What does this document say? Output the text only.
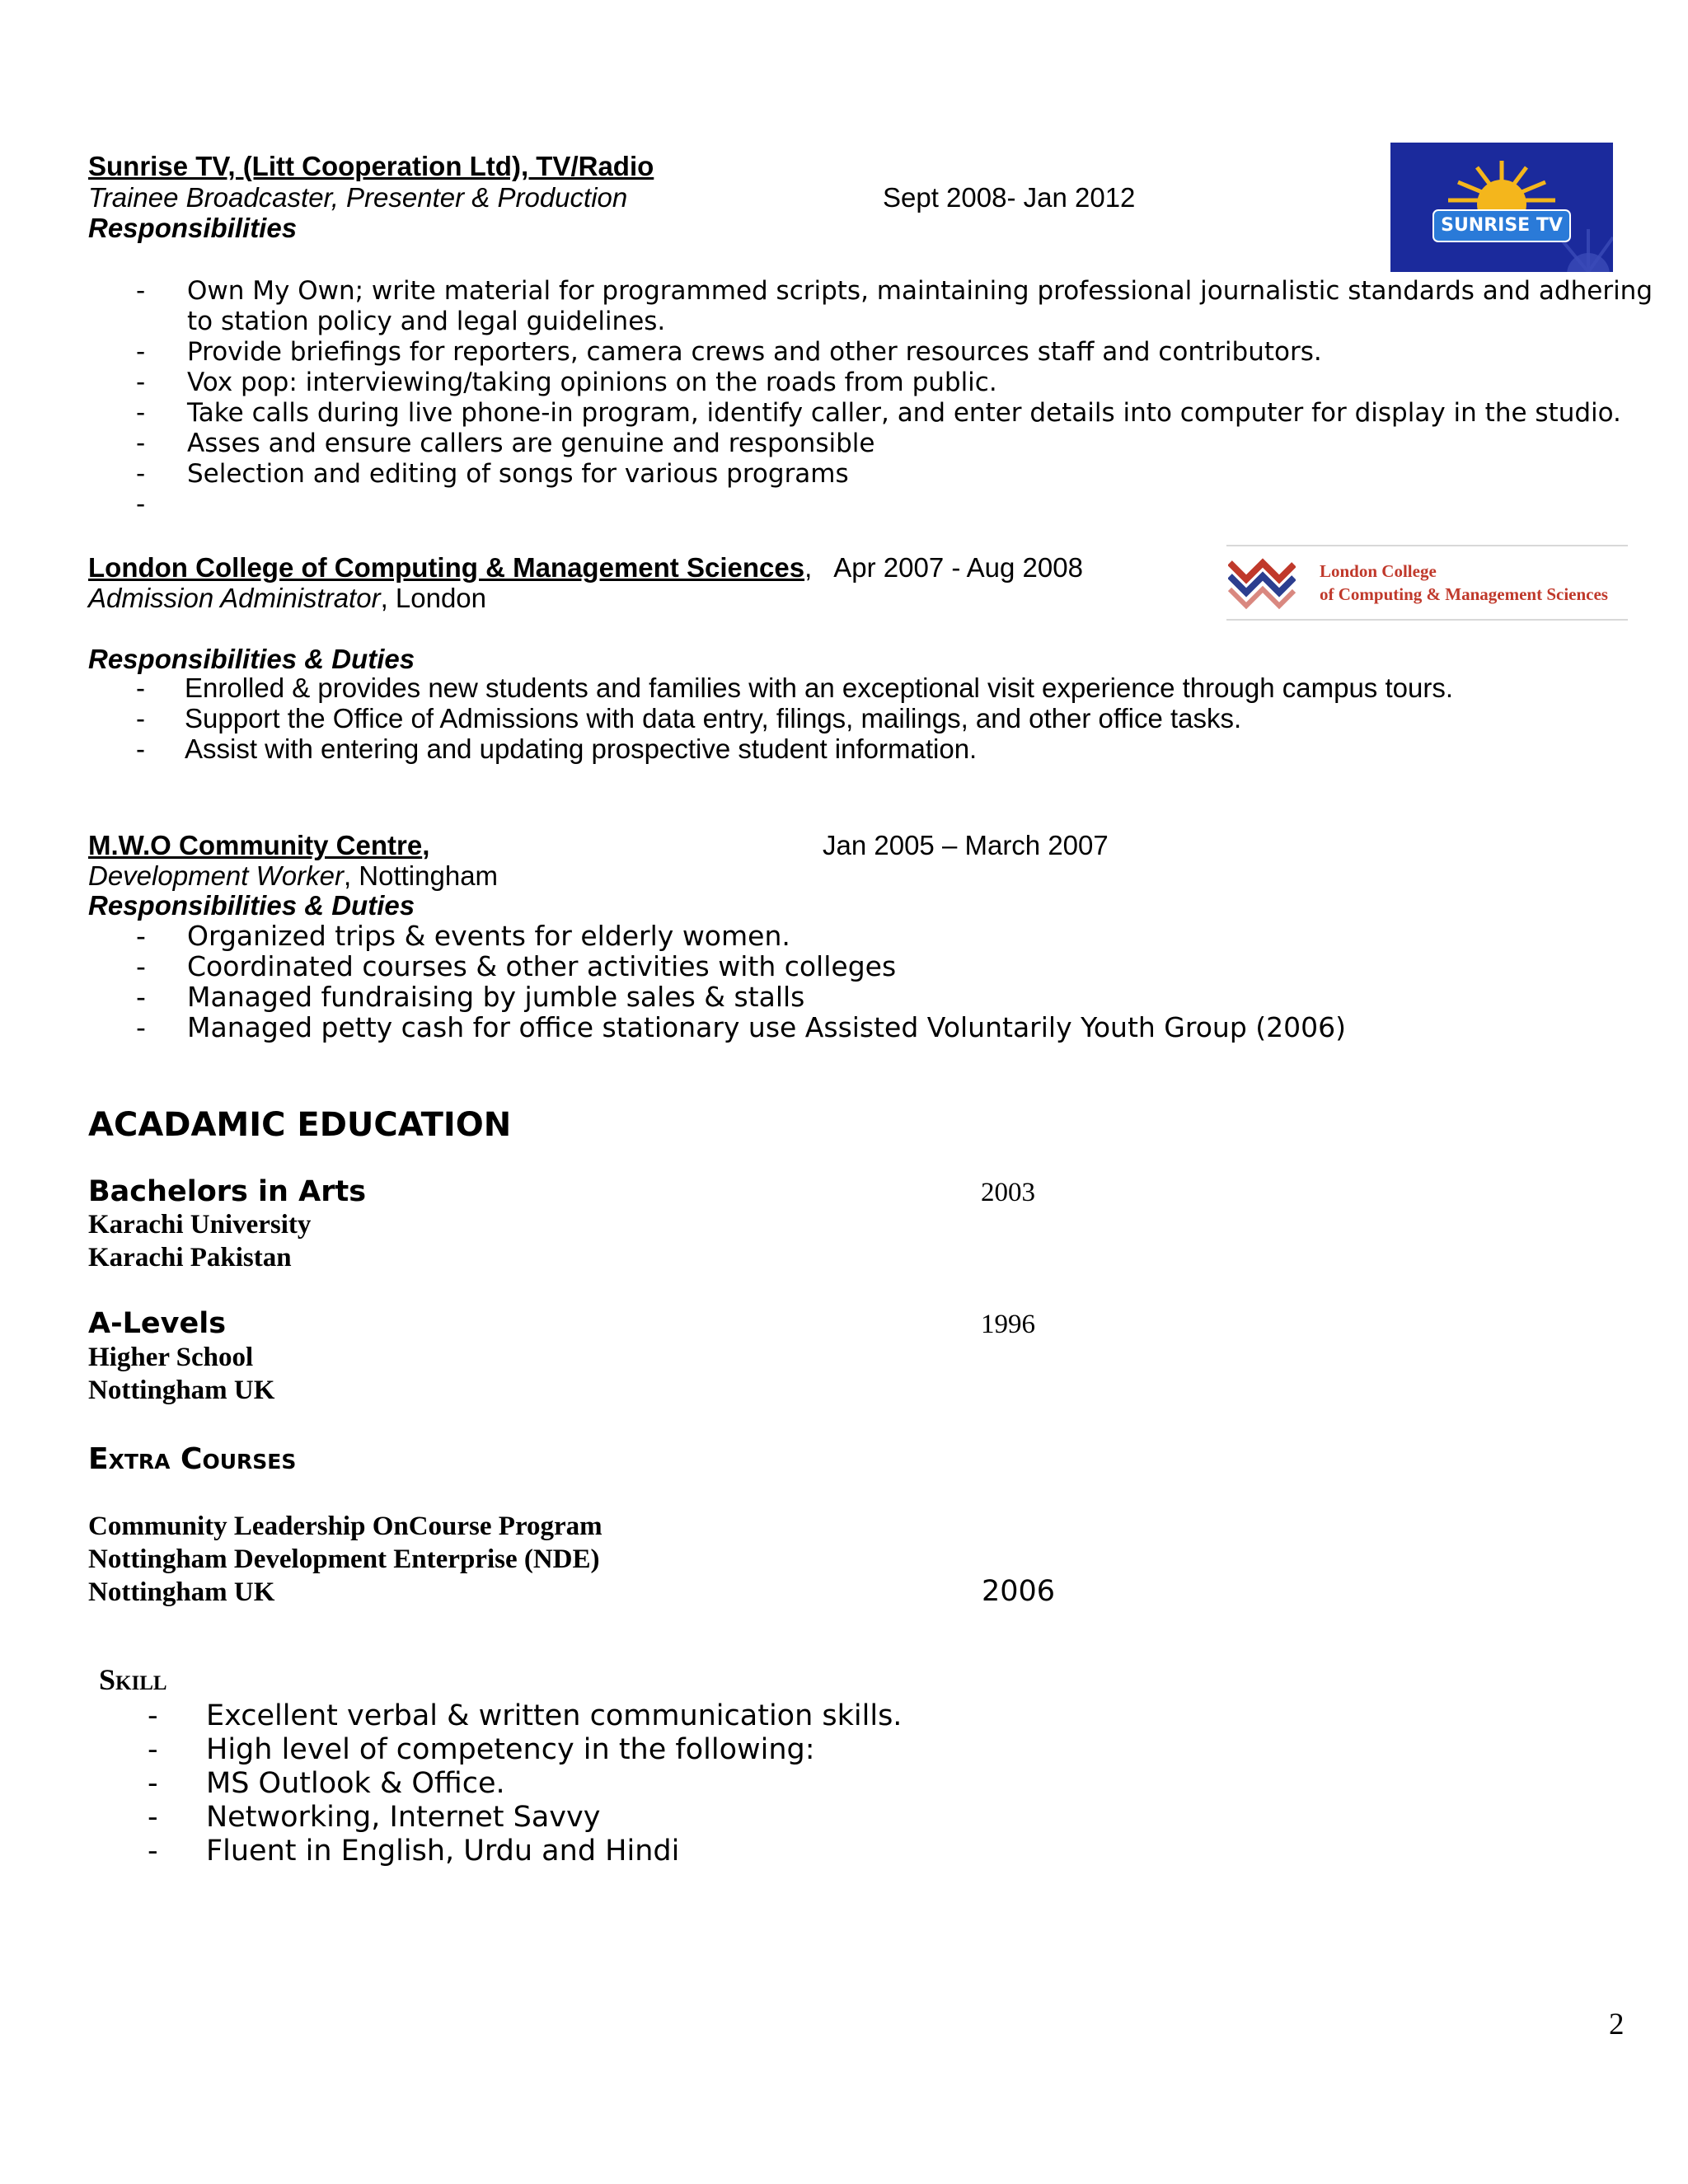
Sunrise TV, (Litt Cooperation Ltd), TV/Radio
Trainee Broadcaster, Presenter & Production	Sept 2008- Jan 2012
Responsibilities	SUNRISE TV
- Own My Own; write material for programmed scripts, maintaining professional journalistic standards and adhering
to station policy and legal guidelines.
- Provide briefings for reporters, camera crews and other resources staff and contributors.
- Vox pop: interviewing/taking opinions on the roads from public.
- Take calls during live phone-in program, identify caller, and enter details into computer for display in the studio.
- Asses and ensure callers are genuine and responsible
- Selection and editing of songs for various programs
-

London College of Computing & Management Sciences, Apr 2007 - Aug 2008
Admission Administrator, London
Responsibilities & Duties
London College
of Computing & Management Sciences
- Enrolled & provides new students and families with an exceptional visit experience through campus tours.
- Support the Office of Admissions with data entry, filings, mailings, and other office tasks.
- Assist with entering and updating prospective student information.
M.W.O Community Centre,	Jan 2005 – March 2007
Development Worker, Nottingham
Responsibilities & Duties
- Organized trips & events for elderly women.
- Coordinated courses & other activities with colleges
- Managed fundraising by jumble sales & stalls
- Managed petty cash for office stationary use Assisted Voluntarily Youth Group (2006)
ACADAMIC EDUCATION
Bachelors in Arts	2003
Karachi University
Karachi Pakistan
A-Levels	1996
Higher School
Nottingham UK
Extra Courses
Community Leadership OnCourse Program
Nottingham Development Enterprise (NDE)
Nottingham UK	2006
Skill
- Excellent verbal & written communication skills.
- High level of competency in the following:
- MS Outlook & Office.
- Networking, Internet Savvy
- Fluent in English, Urdu and Hindi
2
